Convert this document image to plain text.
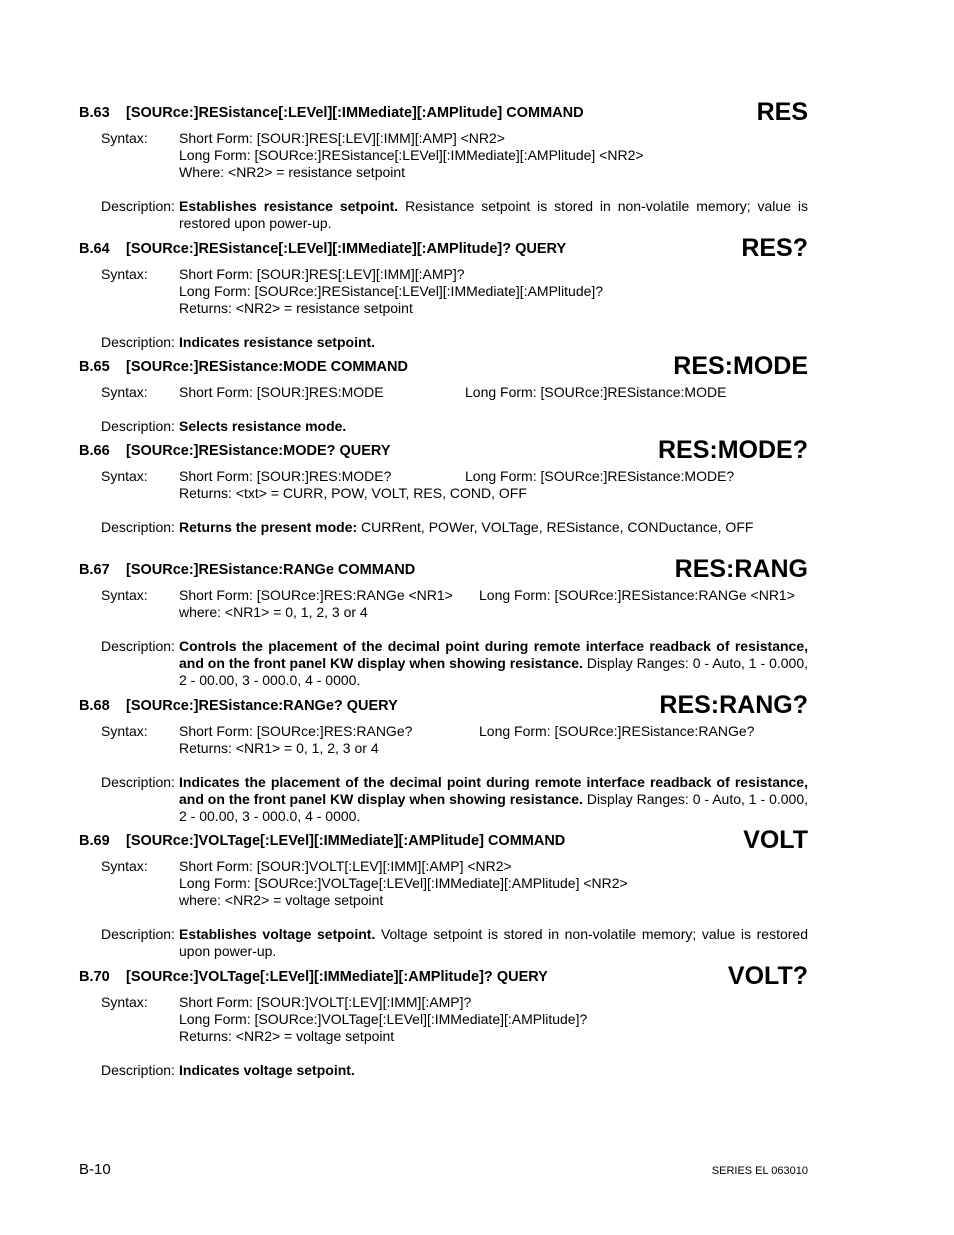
B.63 [SOURce:]RESistance[:LEVel][:IMMediate][:AMPlitude] COMMAND	RES
Syntax: Short Form: [SOUR:]RES[:LEV][:IMM][:AMP] <NR2>
Long Form: [SOURce:]RESistance[:LEVel][:IMMediate][:AMPlitude] <NR2>
Where: <NR2> = resistance setpoint
Description: Establishes resistance setpoint. Resistance setpoint is stored in non-volatile memory; value is restored upon power-up.
B.64 [SOURce:]RESistance[:LEVel][:IMMediate][:AMPlitude]? QUERY	RES?
Syntax: Short Form: [SOUR:]RES[:LEV][:IMM][:AMP]?
Long Form: [SOURce:]RESistance[:LEVel][:IMMediate][:AMPlitude]?
Returns: <NR2> = resistance setpoint
Description: Indicates resistance setpoint.
B.65 [SOURce:]RESistance:MODE COMMAND	RES:MODE
Syntax: Short Form: [SOUR:]RES:MODE	Long Form: [SOURce:]RESistance:MODE
Description: Selects resistance mode.
B.66 [SOURce:]RESistance:MODE? QUERY	RES:MODE?
Syntax: Short Form: [SOUR:]RES:MODE?	Long Form: [SOURce:]RESistance:MODE?
Returns: <txt> = CURR, POW, VOLT, RES, COND, OFF
Description: Returns the present mode: CURRent, POWer, VOLTage, RESistance, CONDuctance, OFF
B.67 [SOURce:]RESistance:RANGe COMMAND	RES:RANG
Syntax: Short Form: [SOURce:]RES:RANGe <NR1>	Long Form: [SOURce:]RESistance:RANGe <NR1>
where: <NR1> = 0, 1, 2, 3 or 4
Description: Controls the placement of the decimal point during remote interface readback of resistance, and on the front panel KW display when showing resistance. Display Ranges: 0 - Auto, 1 - 0.000, 2 - 00.00, 3 - 000.0, 4 - 0000.
B.68 [SOURce:]RESistance:RANGe? QUERY	RES:RANG?
Syntax: Short Form: [SOURce:]RES:RANGe?	Long Form: [SOURce:]RESistance:RANGe?
Returns: <NR1> = 0, 1, 2, 3 or 4
Description: Indicates the placement of the decimal point during remote interface readback of resistance, and on the front panel KW display when showing resistance. Display Ranges: 0 - Auto, 1 - 0.000, 2 - 00.00, 3 - 000.0, 4 - 0000.
B.69 [SOURce:]VOLTage[:LEVel][:IMMediate][:AMPlitude] COMMAND	VOLT
Syntax: Short Form: [SOUR:]VOLT[:LEV][:IMM][:AMP] <NR2>
Long Form: [SOURce:]VOLTage[:LEVel][:IMMediate][:AMPlitude] <NR2>
where: <NR2> = voltage setpoint
Description: Establishes voltage setpoint. Voltage setpoint is stored in non-volatile memory; value is restored upon power-up.
B.70 [SOURce:]VOLTage[:LEVel][:IMMediate][:AMPlitude]? QUERY	VOLT?
Syntax: Short Form: [SOUR:]VOLT[:LEV][:IMM][:AMP]?
Long Form: [SOURce:]VOLTage[:LEVel][:IMMediate][:AMPlitude]?
Returns: <NR2> = voltage setpoint
Description: Indicates voltage setpoint.
B-10	SERIES EL 063010
